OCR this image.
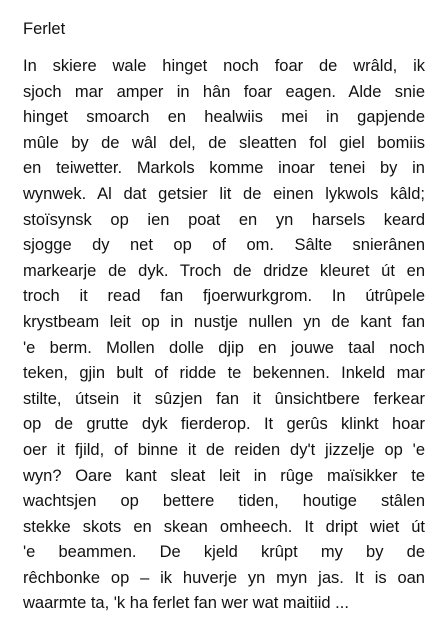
Ferlet
In skiere wale hinget noch foar de wrâld, ik
sjoch mar amper in hân foar eagen. Alde snie
hinget smoarch en healwiis mei in gapjende
mûle by de wâl del, de sleatten fol giel bomiis
en teiwetter. Markols komme inoar tenei by in
wynwek. Al dat getsier lit de einen lykwols kâld;
stoïsynsk op ien poat en yn harsels keard
sjogge dy net op of om. Sâlte snierânen
markearje de dyk. Troch de dridze kleuret út en
troch it read fan fjoerwurkgrom. In útrûpele
krystbeam leit op in nustje nullen yn de kant fan
'e berm. Mollen dolle djip en jouwe taal noch
teken, gjin bult of ridde te bekennen. Inkeld mar
stilte, útsein it sûzjen fan it ûnsichtbere ferkear
op de grutte dyk fierderop. It gerûs klinkt hoar
oer it fjild, of binne it de reiden dy't jizzelje op 'e
wyn? Oare kant sleat leit in rûge maïsikker te
wachtsjen op bettere tiden, houtige stâlen
stekke skots en skean omheech. It dript wiet út
'e beammen. De kjeld krûpt my by de
rêchbonke op – ik huverje yn myn jas. It is oan
waarmte ta, 'k ha ferlet fan wer wat maitiid ...
